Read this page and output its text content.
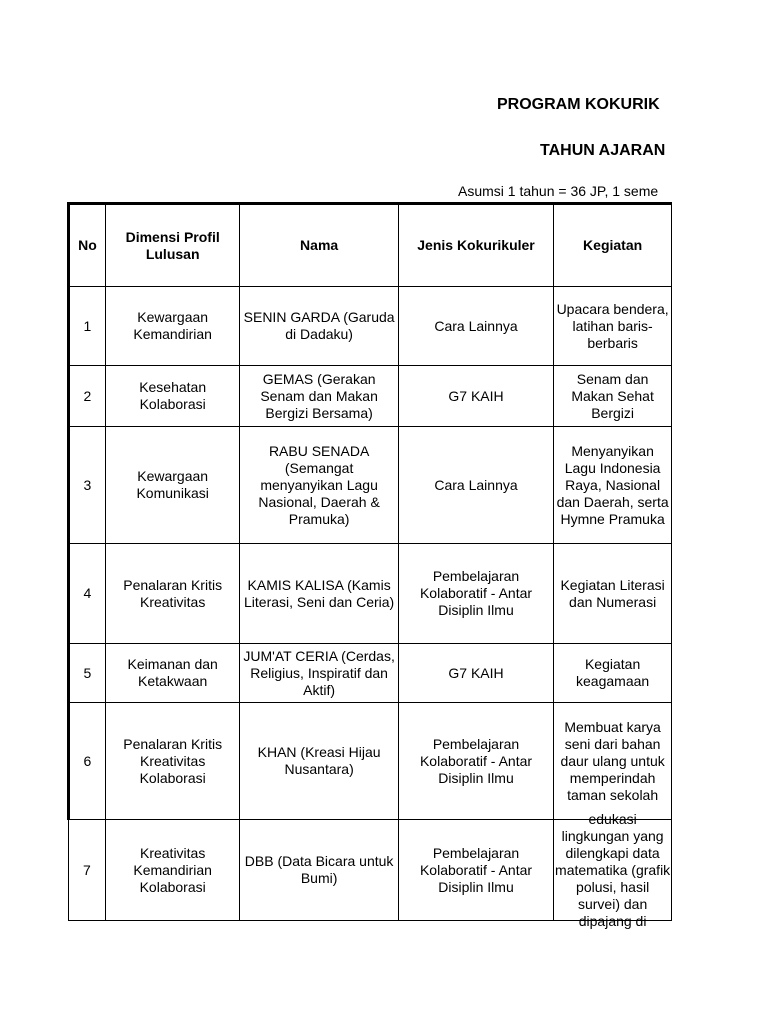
PROGRAM KOKURIK
TAHUN AJARAN
Asumsi 1 tahun = 36 JP, 1 seme
No	Dimensi Profil Lulusan	Nama	Jenis Kokurikuler	Kegiatan
1	Kewargaan Kemandirian	SENIN GARDA (Garuda di Dadaku)	Cara Lainnya	Upacara bendera, latihan baris-berbaris
2	Kesehatan Kolaborasi	GEMAS (Gerakan Senam dan Makan Bergizi Bersama)	G7 KAIH	Senam dan Makan Sehat Bergizi
3	Kewargaan Komunikasi	RABU SENADA (Semangat menyanyikan Lagu Nasional, Daerah & Pramuka)	Cara Lainnya	Menyanyikan Lagu Indonesia Raya, Nasional dan Daerah, serta Hymne Pramuka
4	Penalaran Kritis Kreativitas	KAMIS KALISA (Kamis Literasi, Seni dan Ceria)	Pembelajaran Kolaboratif - Antar Disiplin Ilmu	Kegiatan Literasi dan Numerasi
5	Keimanan dan Ketakwaan	JUM'AT CERIA (Cerdas, Religius, Inspiratif dan Aktif)	G7 KAIH	Kegiatan keagamaan
6	Penalaran Kritis Kreativitas Kolaborasi	KHAN (Kreasi Hijau Nusantara)	Pembelajaran Kolaboratif - Antar Disiplin Ilmu	Membuat karya seni dari bahan daur ulang untuk memperindah taman sekolah
7	Kreativitas Kemandirian Kolaborasi	DBB (Data Bicara untuk Bumi)	Pembelajaran Kolaboratif - Antar Disiplin Ilmu	edukasi lingkungan yang dilengkapi data matematika (grafik polusi, hasil survei) dan dipajang di
